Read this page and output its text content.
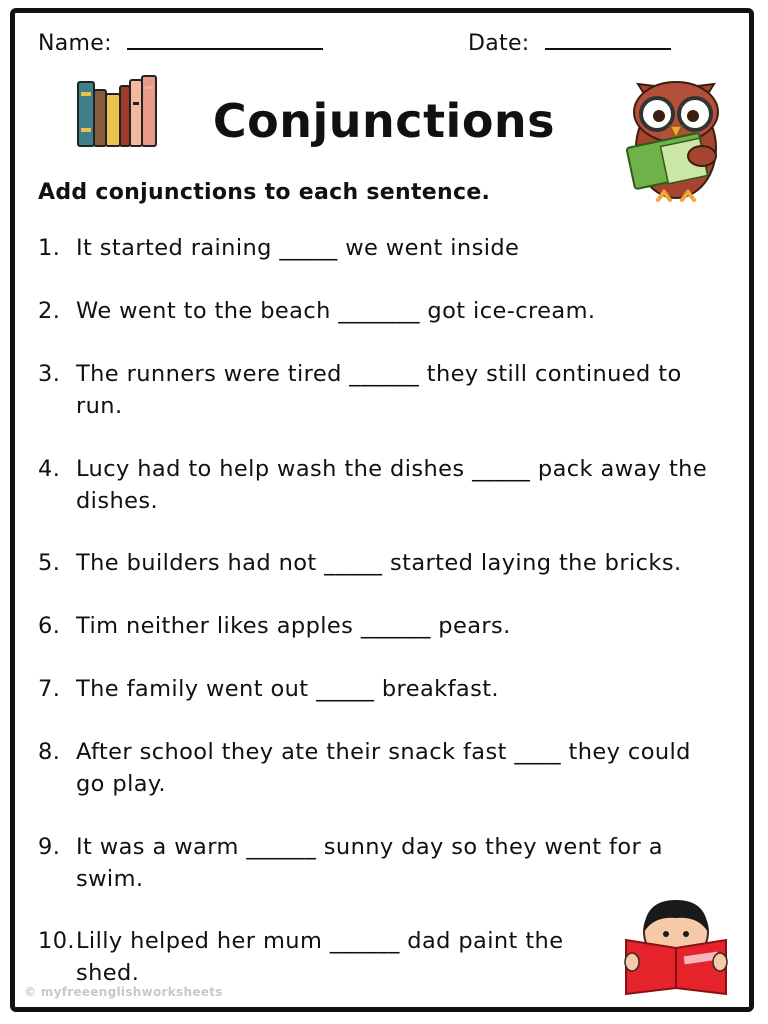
Name:	Date:
Conjunctions
Add conjunctions to each sentence.
1. It started raining _____ we went inside
2. We went to the beach _______ got ice-cream.
3. The runners were tired ______ they still continued to run.
4. Lucy had to help wash the dishes _____ pack away the dishes.
5. The builders had not _____ started laying the bricks.
6. Tim neither likes apples ______ pears.
7. The family went out _____ breakfast.
8. After school they ate their snack fast ____ they could go play.
9. It was a warm ______ sunny day so they went for a swim.
10. Lilly helped her mum ______ dad paint the shed.
© myfreeenglishworksheets
